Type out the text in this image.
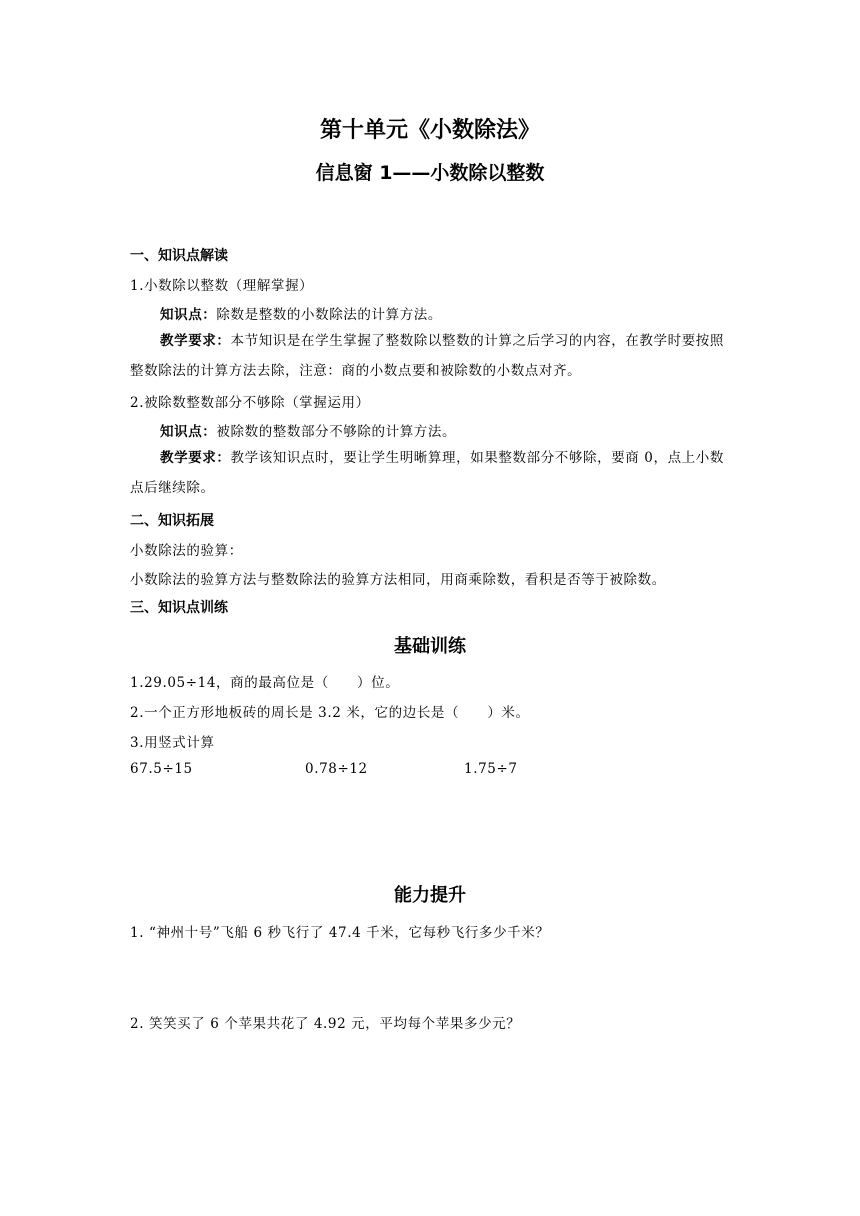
第十单元《小数除法》
信息窗 1——小数除以整数
一、知识点解读
1.小数除以整数（理解掌握）
知识点：除数是整数的小数除法的计算方法。
教学要求：本节知识是在学生掌握了整数除以整数的计算之后学习的内容，在教学时要按照整数除法的计算方法去除，注意：商的小数点要和被除数的小数点对齐。
2.被除数整数部分不够除（掌握运用）
知识点：被除数的整数部分不够除的计算方法。
教学要求：教学该知识点时，要让学生明晰算理，如果整数部分不够除，要商 0，点上小数点后继续除。
二、知识拓展
小数除法的验算：
小数除法的验算方法与整数除法的验算方法相同，用商乘除数，看积是否等于被除数。
三、知识点训练
基础训练
1.29.05÷14，商的最高位是（　　）位。
2.一个正方形地板砖的周长是 3.2 米，它的边长是（　　）米。
3.用竖式计算
67.5÷15	0.78÷12	1.75÷7
能力提升
1. “神州十号”飞船 6 秒飞行了 47.4 千米，它每秒飞行多少千米？
2. 笑笑买了 6 个苹果共花了 4.92 元，平均每个苹果多少元？
